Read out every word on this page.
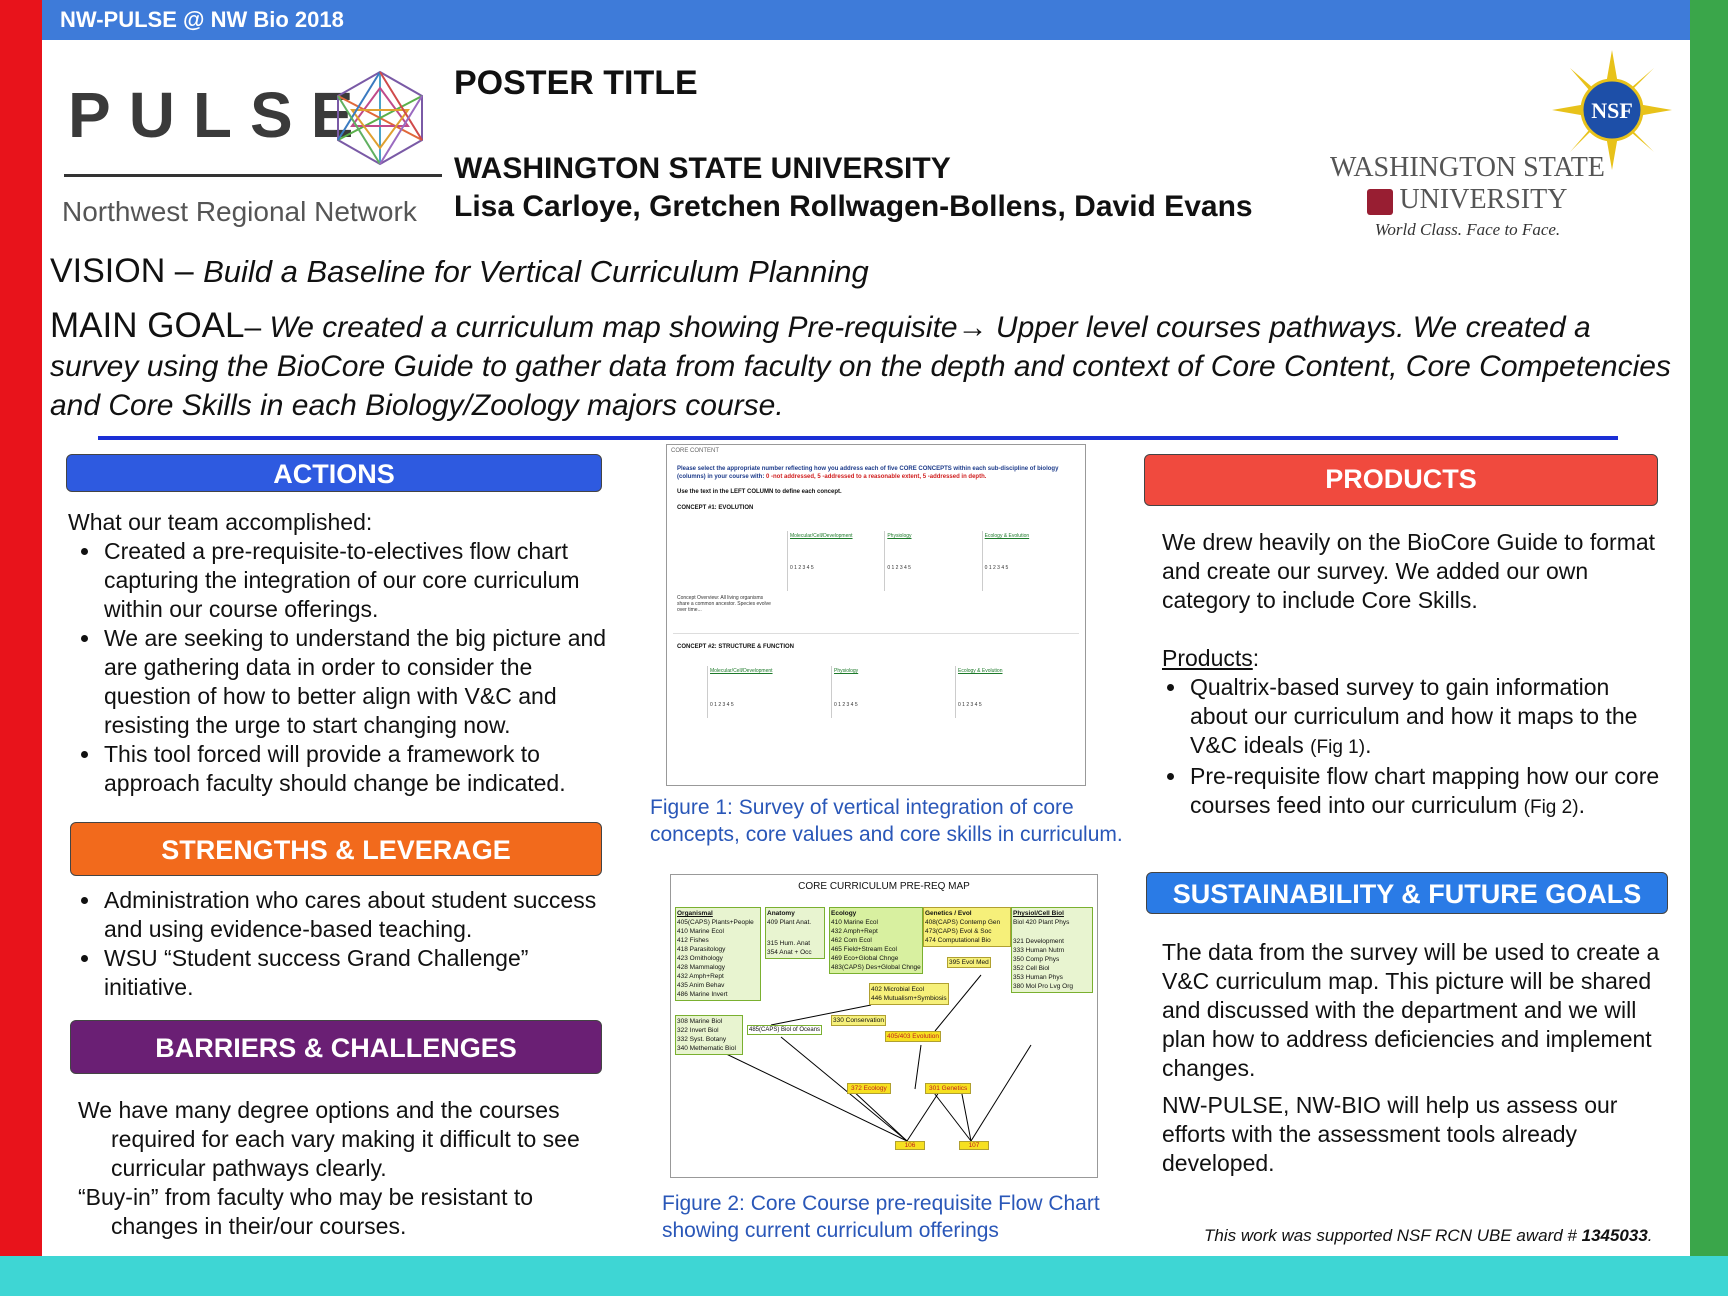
NW-PULSE @ NW Bio 2018
PULSE
Northwest Regional Network
POSTER TITLE
WASHINGTON STATE UNIVERSITY
Lisa Carloye, Gretchen Rollwagen-Bollens, David Evans
WASHINGTON STATE
UNIVERSITY
World Class. Face to Face.
NSF
VISION – Build a Baseline for Vertical Curriculum Planning
MAIN GOAL– We created a curriculum map showing Pre-requisite→ Upper level courses pathways. We created a survey using the BioCore Guide to gather data from faculty on the depth and context of Core Content, Core Competencies and Core Skills in each Biology/Zoology majors course.
ACTIONS
What our team accomplished:
• Created a pre-requisite-to-electives flow chart capturing the integration of our core curriculum within our course offerings.
• We are seeking to understand the big picture and are gathering data in order to consider the question of how to better align with V&C and resisting the urge to start changing now.
• This tool forced will provide a framework to approach faculty should change be indicated.
STRENGTHS & LEVERAGE
• Administration who cares about student success and using evidence-based teaching.
• WSU “Student success Grand Challenge” initiative.
BARRIERS & CHALLENGES
We have many degree options and the courses required for each vary making it difficult to see curricular pathways clearly.
“Buy-in” from faculty who may be resistant to changes in their/our courses.
CORE CONTENT
Please select the appropriate number reflecting how you address each of five CORE CONCEPTS within each sub-discipline of biology (columns) in your course with: 0 -not addressed, 5 -addressed to a reasonable extent, 5 -addressed in depth.
Use the text in the LEFT COLUMN to define each concept.
CONCEPT #1: EVOLUTION
Molecular/Cell/Development
0 1 2 3 4 5
Physiology
0 1 2 3 4 5
Ecology & Evolution
0 1 2 3 4 5
Concept Overview: All living organisms share a common ancestor. Species evolve over time...
CONCEPT #2: STRUCTURE & FUNCTION
Molecular/Cell/Development
0 1 2 3 4 5
Physiology
0 1 2 3 4 5
Ecology & Evolution
0 1 2 3 4 5
Figure 1: Survey of vertical integration of core concepts, core values and core skills in curriculum.
CORE CURRICULUM PRE-REQ MAP
Organismal
405(CAPS) Plants+People
410 Marine Ecol
412 Fishes
418 Parasitology
423 Ornithology
428 Mammalogy
432 Amph+Rept
435 Anim Behav
486 Marine Invert
Anatomy
409 Plant Anat.
315 Hum. Anat
354 Anat + Occ
Ecology
410 Marine Ecol
432 Amph+Rept
462 Com Ecol
465 Field+Stream Ecol
469 Eco+Global Chnge
483(CAPS) Des+Global Chnge
Genetics / Evol
408(CAPS) Contemp Gen
473(CAPS) Evol & Soc
474 Computational Bio
Physiol/Cell Biol
Biol 420 Plant Phys
321 Development
333 Human Nutrn
350 Comp Phys
352 Cell Biol
353 Human Phys
380 Mol Pro Lvg Org
308 Marine Biol
322 Invert Biol
332 Syst. Botany
340 Methematic Biol
485(CAPS) Biol of Oceans
330 Conservation
395 Evol Med
402 Microbial Ecol
446 Mutualism+Symbiosis
405/403 Evolution
372 Ecology	301 Genetics
106	107
Figure 2: Core Course pre-requisite Flow Chart showing current curriculum offerings
PRODUCTS
We drew heavily on the BioCore Guide to format and create our survey. We added our own category to include Core Skills.
Products:
• Qualtrix-based survey to gain information about our curriculum and how it maps to the V&C ideals (Fig 1).
• Pre-requisite flow chart mapping how our core courses feed into our curriculum (Fig 2).
SUSTAINABILITY & FUTURE GOALS
The data from the survey will be used to create a V&C curriculum map. This picture will be shared and discussed with the department and we will plan how to address deficiencies and implement changes.
NW-PULSE, NW-BIO will help us assess our efforts with the assessment tools already developed.
This work was supported NSF RCN UBE award # 1345033.
